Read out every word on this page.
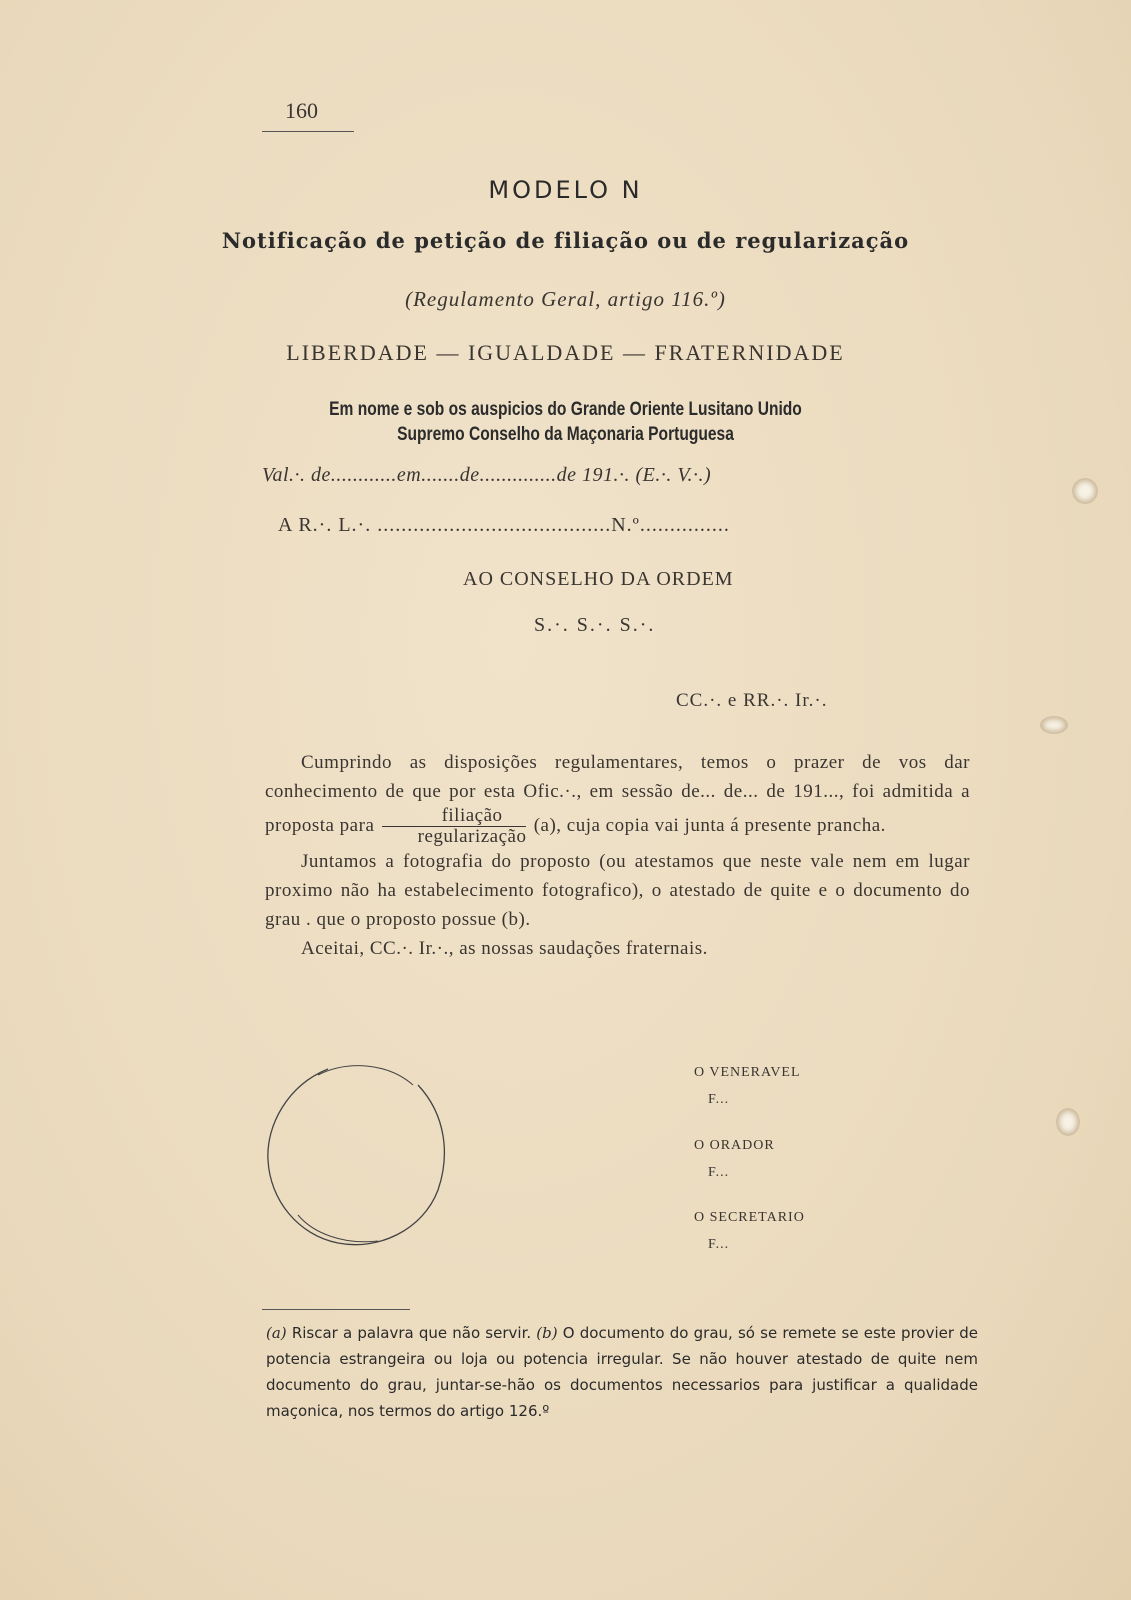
160
MODELO N
Notificação de petição de filiação ou de regularização
(Regulamento Geral, artigo 116.º)
LIBERDADE — IGUALDADE — FRATERNIDADE
Em nome e sob os auspicios do Grande Oriente Lusitano Unido
Supremo Conselho da Maçonaria Portuguesa
Val.·. de............em.......de..............de 191.·. (E.·. V.·.)
A R.·. L.·. .......................................N.º...............
AO CONSELHO DA ORDEM
S.·. S.·. S.·.
CC.·. e RR.·. Ir.·.

Cumprindo as disposições regulamentares, temos o prazer de vos dar conhecimento de que por esta Ofic.·., em sessão de... de... de 191..., foi admitida a proposta para $\frac{\text{filiação}}{\text{regularização}} (a)$, cuja copia vai junta á presente prancha.

Juntamos a fotografia do proposto (ou atestamos que neste vale nem em lugar proximo não ha estabelecimento fotografico), o atestado de quite e o documento do grau . que o proposto possue (b).

Aceitai, CC.·. Ir.·., as nossas saudações fraternais.

O VENERAVEL
F...
O ORADOR
F...
O SECRETARIO
F...
(a) Riscar a palavra que não servir. (b) O documento do grau, só se remete se este provier de potencia estrangeira ou loja ou potencia irregular. Se não houver atestado de quite nem documento do grau, juntar-se-hão os documentos necessarios para justificar a qualidade maçonica, nos termos do artigo 126.º
